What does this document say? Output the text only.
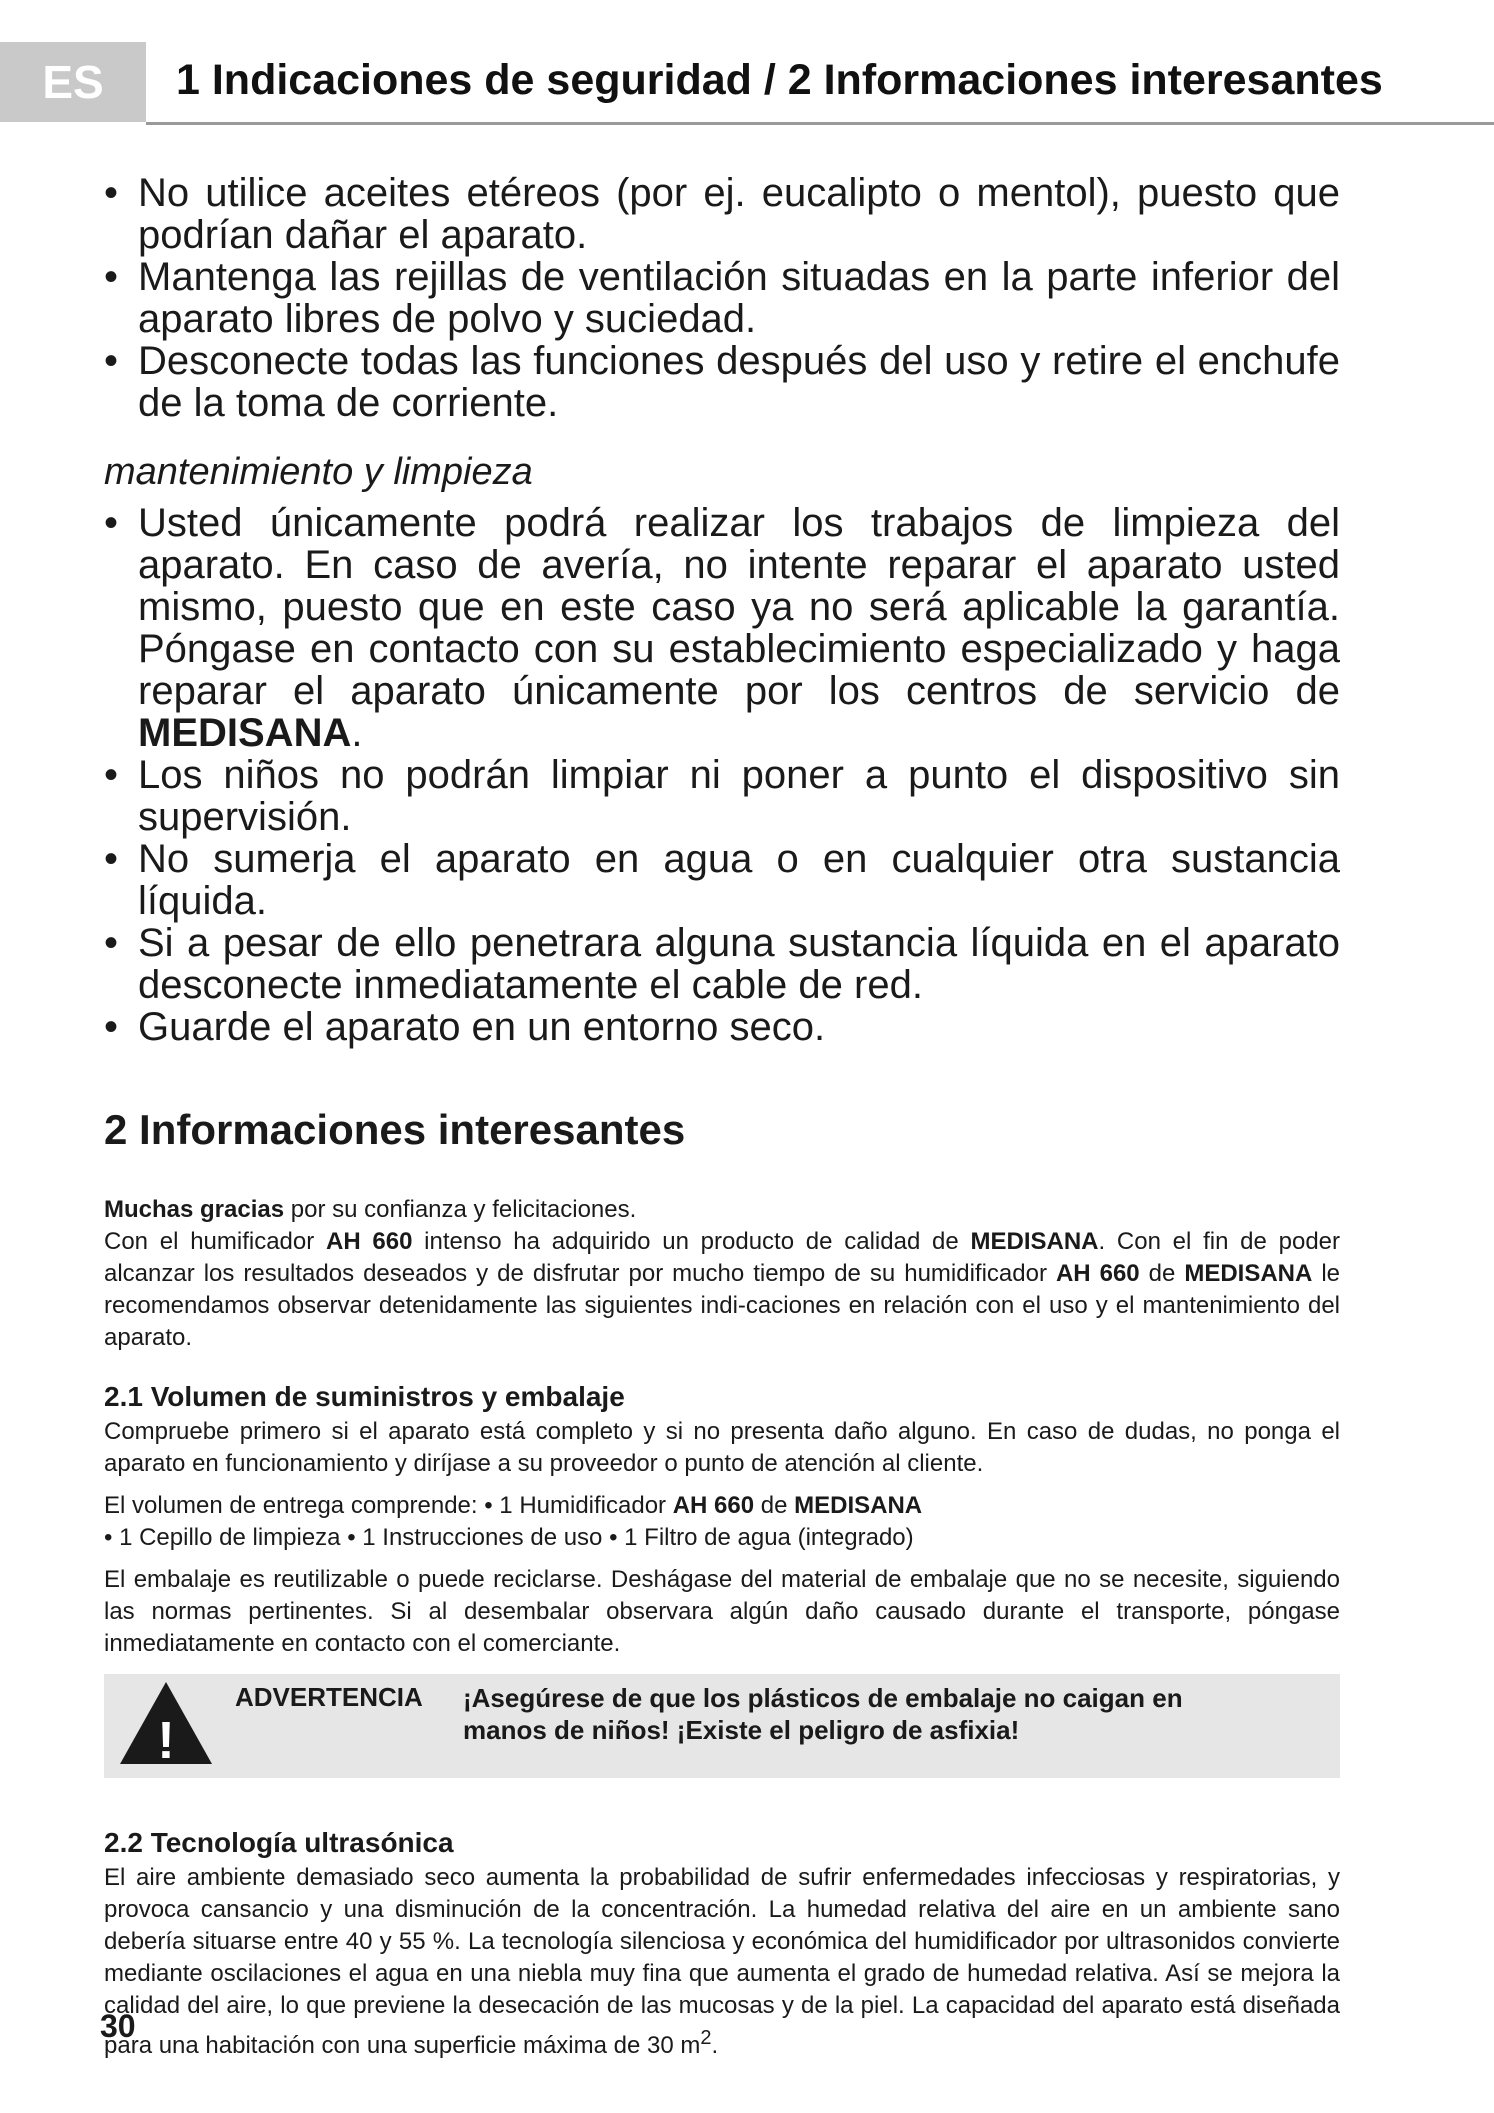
ES 1 Indicaciones de seguridad / 2 Informaciones interesantes
• No utilice aceites etéreos (por ej. eucalipto o mentol), puesto que podrían dañar el aparato.
• Mantenga las rejillas de ventilación situadas en la parte inferior del aparato libres de polvo y suciedad.
• Desconecte todas las funciones después del uso y retire el enchufe de la toma de corriente.
mantenimiento y limpieza
• Usted únicamente podrá realizar los trabajos de limpieza del aparato. En caso de avería, no intente reparar el aparato usted mismo, puesto que en este caso ya no será aplicable la garantía. Póngase en contacto con su establecimiento especializado y haga reparar el aparato únicamente por los centros de servicio de MEDISANA.
• Los niños no podrán limpiar ni poner a punto el dispositivo sin supervisión.
• No sumerja el aparato en agua o en cualquier otra sustancia líquida.
• Si a pesar de ello penetrara alguna sustancia líquida en el aparato desconecte inmediatamente el cable de red.
• Guarde el aparato en un entorno seco.
2 Informaciones interesantes

Muchas gracias por su confianza y felicitaciones.
Con el humificador AH 660 intenso ha adquirido un producto de calidad de MEDISANA. Con el fin de poder alcanzar los resultados deseados y de disfrutar por mucho tiempo de su humidificador AH 660 de MEDISANA le recomendamos observar detenidamente las siguientes indi-caciones en relación con el uso y el mantenimiento del aparato.

2.1 Volumen de suministros y embalaje

Compruebe primero si el aparato está completo y si no presenta daño alguno. En caso de dudas, no ponga el aparato en funcionamiento y diríjase a su proveedor o punto de atención al cliente.

El volumen de entrega comprende: • 1 Humidificador AH 660 de MEDISANA
• 1 Cepillo de limpieza • 1 Instrucciones de uso • 1 Filtro de agua (integrado)

El embalaje es reutilizable o puede reciclarse. Deshágase del material de embalaje que no se necesite, siguiendo las normas pertinentes. Si al desembalar observara algún daño causado durante el transporte, póngase inmediatamente en contacto con el comerciante.

!
ADVERTENCIA ¡Asegúrese de que los plásticos de embalaje no caigan en manos de niños! ¡Existe el peligro de asfixia!
2.2 Tecnología ultrasónica

El aire ambiente demasiado seco aumenta la probabilidad de sufrir enfermedades infecciosas y respiratorias, y provoca cansancio y una disminución de la concentración. La humedad relativa del aire en un ambiente sano debería situarse entre 40 y 55 %. La tecnología silenciosa y económica del humidificador por ultrasonidos convierte mediante oscilaciones el agua en una niebla muy fina que aumenta el grado de humedad relativa. Así se mejora la calidad del aire, lo que previene la desecación de las mucosas y de la piel. La capacidad del aparato está diseñada para una habitación con una superficie máxima de 30 $m^2$.

30
